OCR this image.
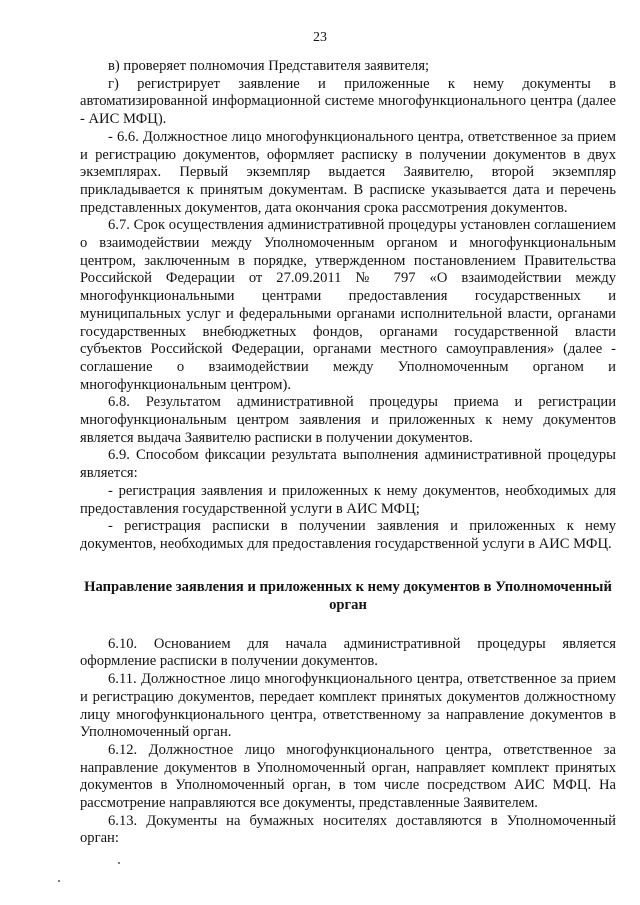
23

в) проверяет полномочия Представителя заявителя;

г) регистрирует заявление и приложенные к нему документы в автоматизированной информационной системе многофункционального центра (далее - АИС МФЦ).

- 6.6. Должностное лицо многофункционального центра, ответственное за прием и регистрацию документов, оформляет расписку в получении документов в двух экземплярах. Первый экземпляр выдается Заявителю, второй экземпляр прикладывается к принятым документам. В расписке указывается дата и перечень представленных документов, дата окончания срока рассмотрения документов.

6.7. Срок осуществления административной процедуры установлен соглашением о взаимодействии между Уполномоченным органом и многофункциональным центром, заключенным в порядке, утвержденном постановлением Правительства Российской Федерации от 27.09.2011 № 797 «О взаимодействии между многофункциональными центрами предоставления государственных и муниципальных услуг и федеральными органами исполнительной власти, органами государственных внебюджетных фондов, органами государственной власти субъектов Российской Федерации, органами местного самоуправления» (далее - соглашение о взаимодействии между Уполномоченным органом и многофункциональным центром).

6.8. Результатом административной процедуры приема и регистрации многофункциональным центром заявления и приложенных к нему документов является выдача Заявителю расписки в получении документов.

6.9. Способом фиксации результата выполнения административной процедуры является:

- регистрация заявления и приложенных к нему документов, необходимых для предоставления государственной услуги в АИС МФЦ;

- регистрация расписки в получении заявления и приложенных к нему документов, необходимых для предоставления государственной услуги в АИС МФЦ.

Направление заявления и приложенных к нему документов в Уполномоченный орган

6.10. Основанием для начала административной процедуры является оформление расписки в получении документов.

6.11. Должностное лицо многофункционального центра, ответственное за прием и регистрацию документов, передает комплект принятых документов должностному лицу многофункционального центра, ответственному за направление документов в Уполномоченный орган.

6.12. Должностное лицо многофункционального центра, ответственное за направление документов в Уполномоченный орган, направляет комплект принятых документов в Уполномоченный орган, в том числе посредством АИС МФЦ. На рассмотрение направляются все документы, представленные Заявителем.

6.13. Документы на бумажных носителях доставляются в Уполномоченный орган:
